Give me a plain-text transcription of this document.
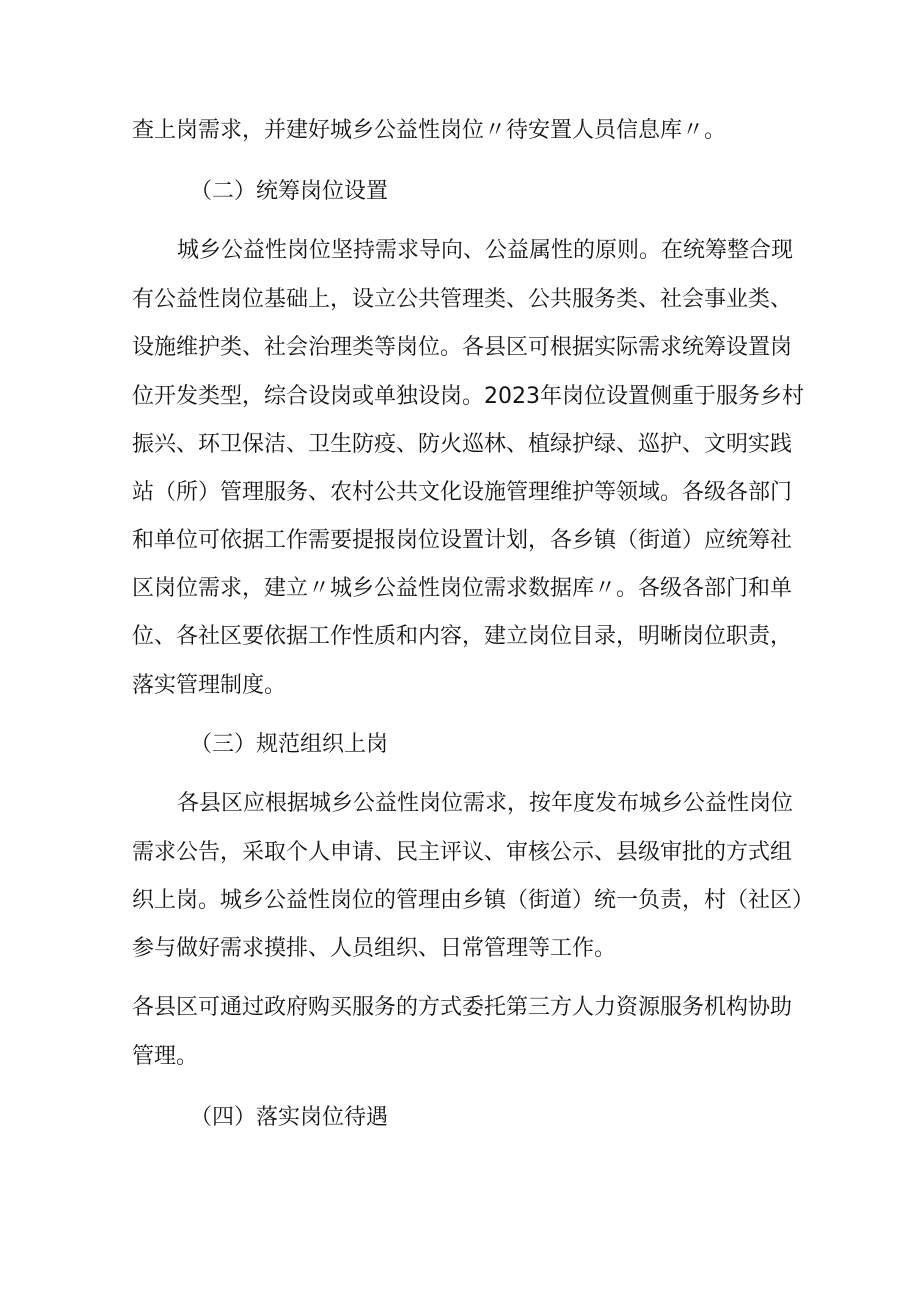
查上岗需求，并建好城乡公益性岗位〃待安置人员信息库〃。
（二）统筹岗位设置
城乡公益性岗位坚持需求导向、公益属性的原则。在统筹整合现
有公益性岗位基础上，设立公共管理类、公共服务类、社会事业类、
设施维护类、社会治理类等岗位。各县区可根据实际需求统筹设置岗
位开发类型，综合设岗或单独设岗。2023年岗位设置侧重于服务乡村
振兴、环卫保洁、卫生防疫、防火巡林、植绿护绿、巡护、文明实践
站（所）管理服务、农村公共文化设施管理维护等领域。各级各部门
和单位可依据工作需要提报岗位设置计划，各乡镇（街道）应统筹社
区岗位需求，建立〃城乡公益性岗位需求数据库〃。各级各部门和单
位、各社区要依据工作性质和内容，建立岗位目录，明晰岗位职责，
落实管理制度。
（三）规范组织上岗
各县区应根据城乡公益性岗位需求，按年度发布城乡公益性岗位
需求公告，采取个人申请、民主评议、审核公示、县级审批的方式组
织上岗。城乡公益性岗位的管理由乡镇（街道）统一负责，村（社区）
参与做好需求摸排、人员组织、日常管理等工作。
各县区可通过政府购买服务的方式委托第三方人力资源服务机构协助
管理。
（四）落实岗位待遇
